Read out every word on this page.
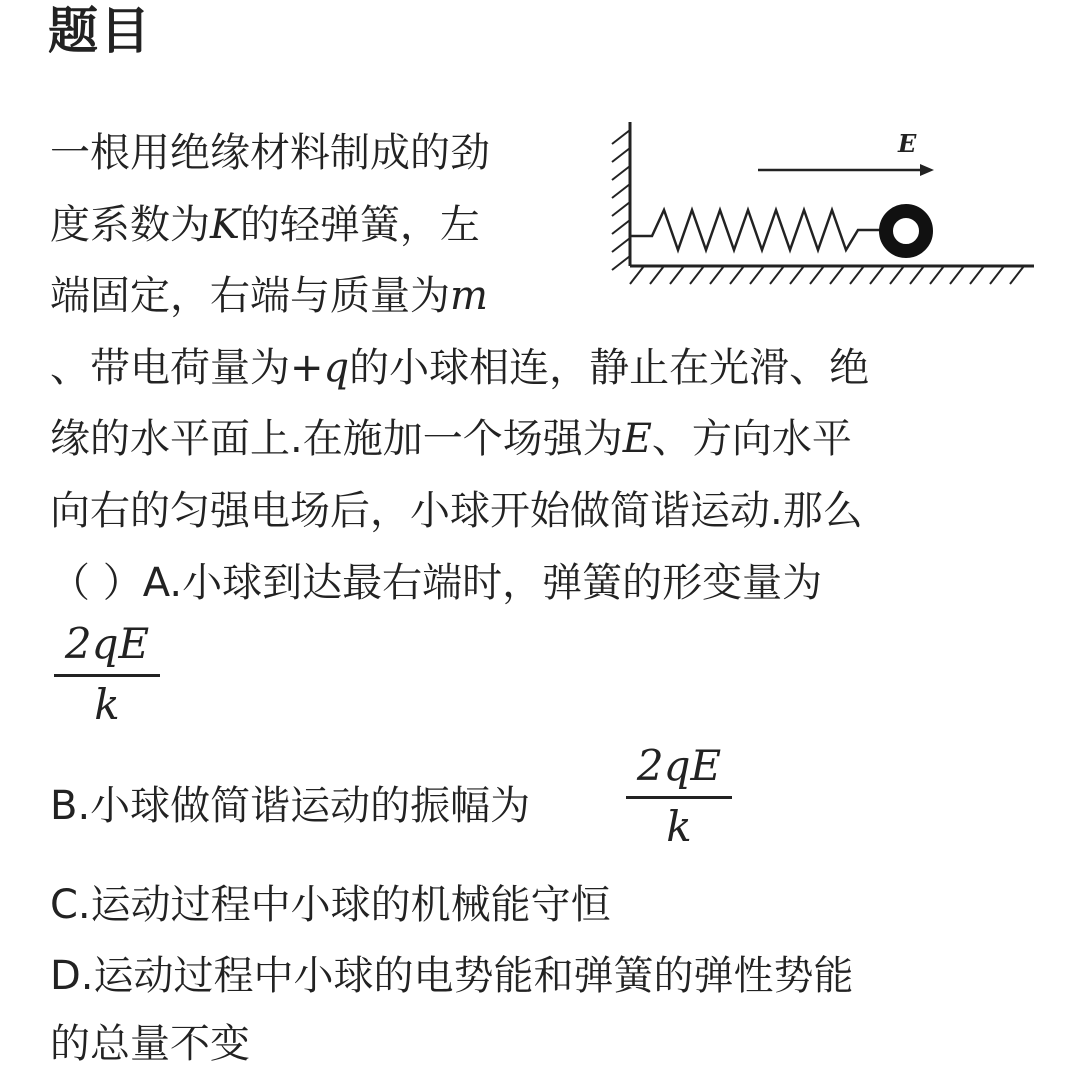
题目
一根用绝缘材料制成的劲
度系数为K的轻弹簧，左
端固定，右端与质量为m
、带电荷量为+q的小球相连，静止在光滑、绝
缘的水平面上.在施加一个场强为E、方向水平
向右的匀强电场后，小球开始做简谐运动.那么
（ ）A.小球到达最右端时，弹簧的形变量为
2qE
k
B.小球做简谐运动的振幅为
2qE
k
C.运动过程中小球的机械能守恒
D.运动过程中小球的电势能和弹簧的弹性势能
的总量不变
E
